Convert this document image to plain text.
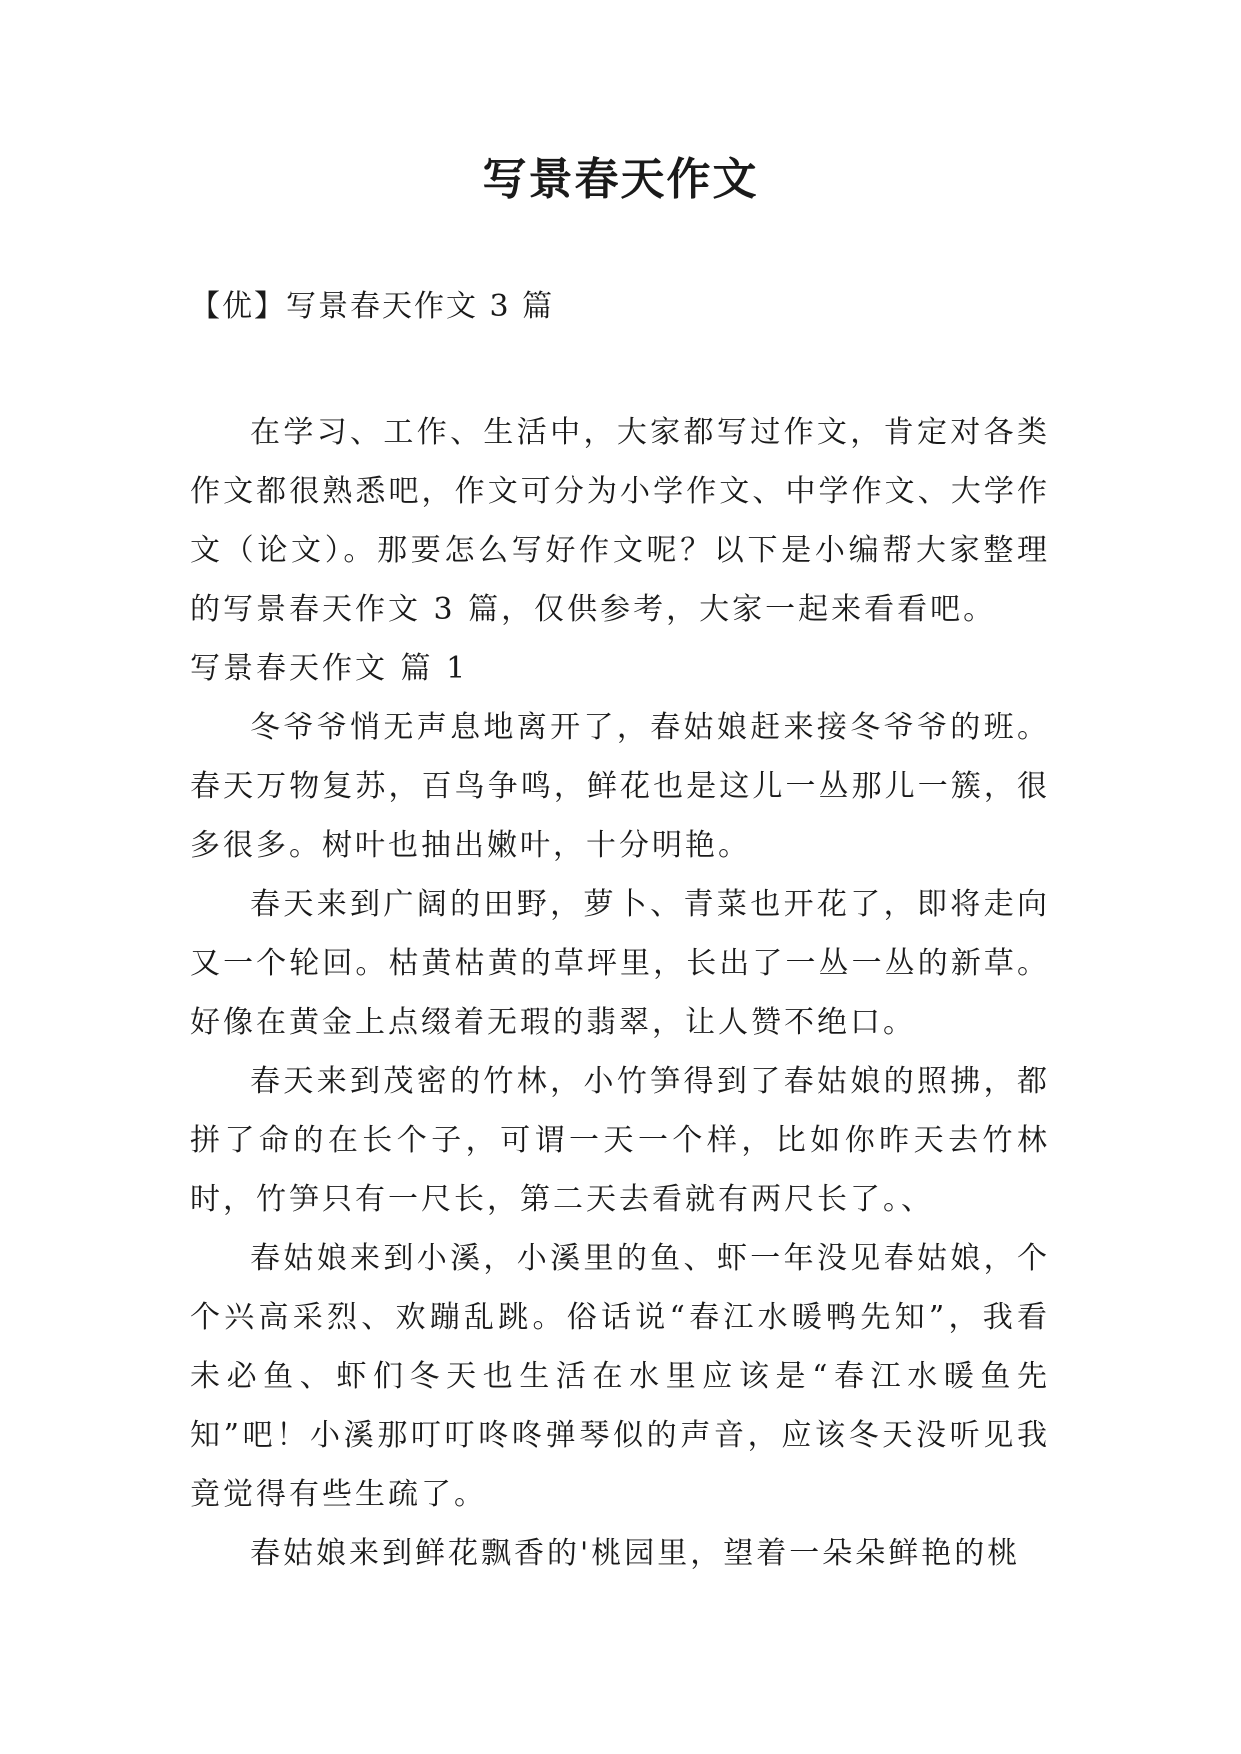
写景春天作文

【优】写景春天作文 3 篇

在学习、工作、生活中，大家都写过作文，肯定对各类作文都很熟悉吧，作文可分为小学作文、中学作文、大学作文（论文）。那要怎么写好作文呢？以下是小编帮大家整理的写景春天作文 3 篇，仅供参考，大家一起来看看吧。

写景春天作文 篇 1

冬爷爷悄无声息地离开了，春姑娘赶来接冬爷爷的班。春天万物复苏，百鸟争鸣，鲜花也是这儿一丛那儿一簇，很多很多。树叶也抽出嫩叶，十分明艳。

春天来到广阔的田野，萝卜、青菜也开花了，即将走向又一个轮回。枯黄枯黄的草坪里，长出了一丛一丛的新草。好像在黄金上点缀着无瑕的翡翠，让人赞不绝口。

春天来到茂密的竹林，小竹笋得到了春姑娘的照拂，都拼了命的在长个子，可谓一天一个样，比如你昨天去竹林时，竹笋只有一尺长，第二天去看就有两尺长了。、

春姑娘来到小溪，小溪里的鱼、虾一年没见春姑娘，个个兴高采烈、欢蹦乱跳。俗话说“春江水暖鸭先知”，我看未必鱼、虾们冬天也生活在水里应该是“春江水暖鱼先知”吧！小溪那叮叮咚咚弹琴似的声音，应该冬天没听见我竟觉得有些生疏了。

春姑娘来到鲜花飘香的'桃园里，望着一朵朵鲜艳的桃
